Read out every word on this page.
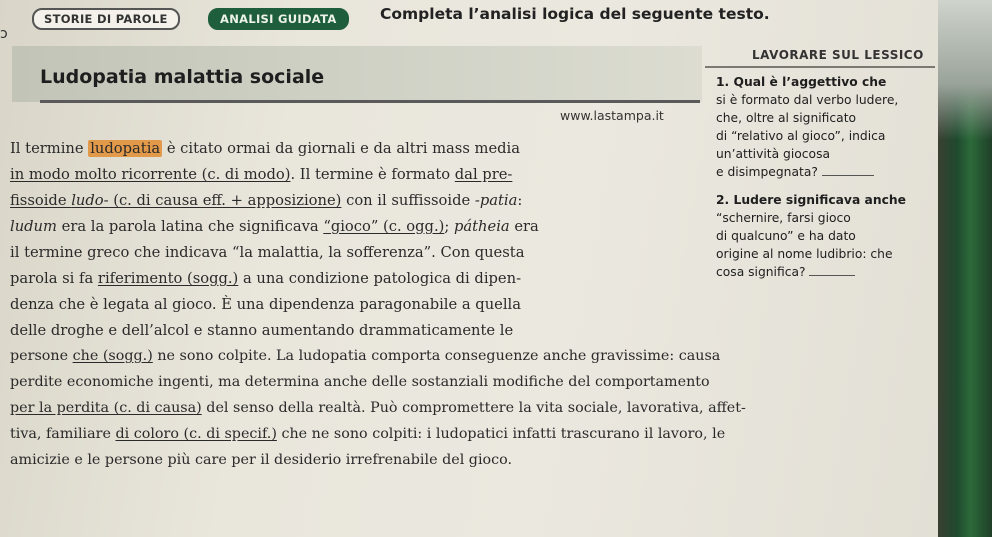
ↄ
STORIE DI PAROLE	ANALISI GUIDATA	Completa l’analisi logica del seguente testo.
Ludopatia malattia sociale
www.lastampa.it
Il termine ludopatia è citato ormai da giornali e da altri mass media
in modo molto ricorrente (c. di modo). Il termine è formato dal pre-
fissoide ludo- (c. di causa eff. + apposizione) con il suffissoide -patia:
ludum era la parola latina che significava “gioco” (c. ogg.); pátheia era
il termine greco che indicava “la malattia, la sofferenza”. Con questa
parola si fa riferimento (sogg.) a una condizione patologica di dipen-
denza che è legata al gioco. È una dipendenza paragonabile a quella
delle droghe e dell’alcol e stanno aumentando drammaticamente le
persone che (sogg.) ne sono colpite. La ludopatia comporta conseguenze anche gravissime: causa
perdite economiche ingenti, ma determina anche delle sostanziali modifiche del comportamento
per la perdita (c. di causa) del senso della realtà. Può compromettere la vita sociale, lavorativa, affet-
tiva, familiare di coloro (c. di specif.) che ne sono colpiti: i ludopatici infatti trascurano il lavoro, le
amicizie e le persone più care per il desiderio irrefrenabile del gioco.
LAVORARE SUL LESSICO
1. Qual è l’aggettivo che
si è formato dal verbo ludere,
che, oltre al significato
di “relativo al gioco”, indica
un’attività giocosa
e disimpegnata?
2. Ludere significava anche
“schernire, farsi gioco
di qualcuno” e ha dato
origine al nome ludibrio: che
cosa significa?
